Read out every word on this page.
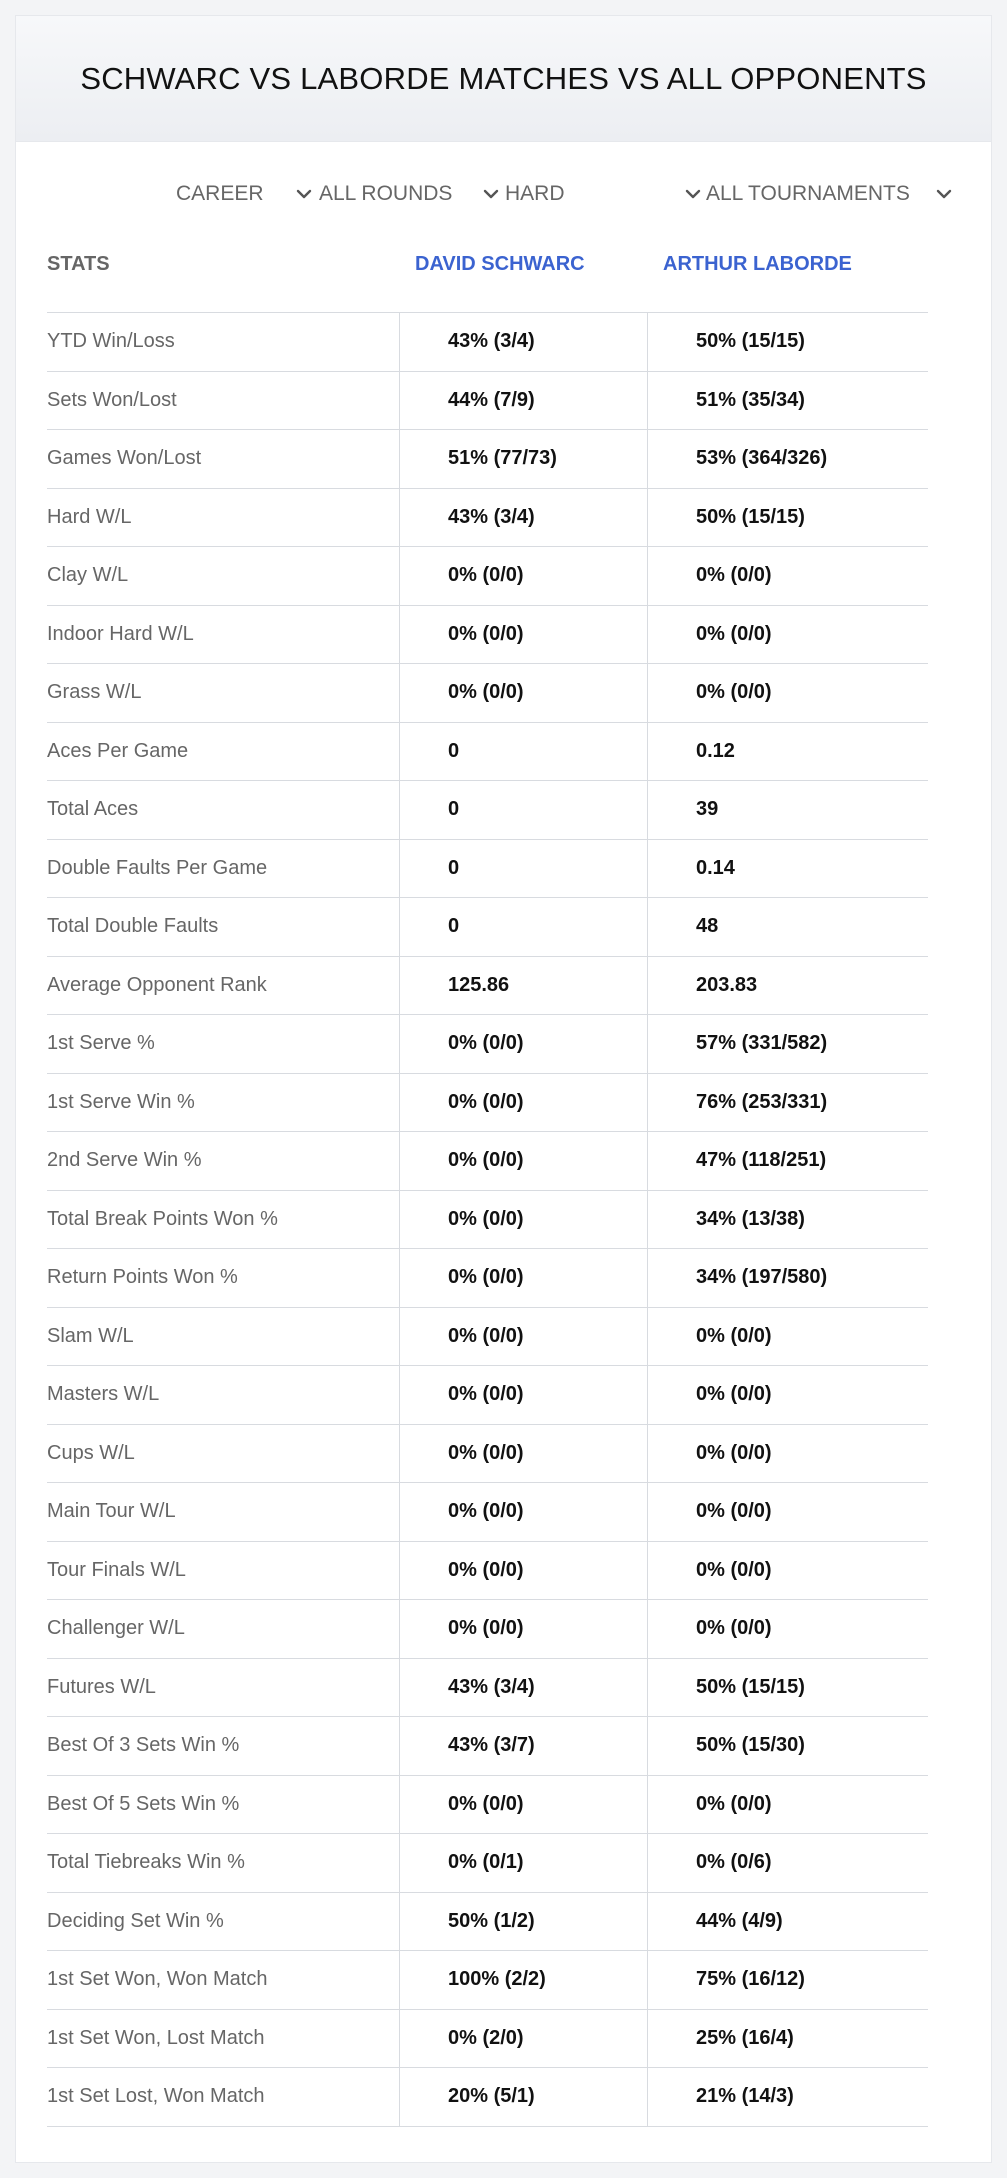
SCHWARC VS LABORDE MATCHES VS ALL OPPONENTS
CAREER	ALL ROUNDS	HARD	ALL TOURNAMENTS
STATS	DAVID SCHWARC	ARTHUR LABORDE
YTD Win/Loss	43% (3/4)	50% (15/15)
Sets Won/Lost	44% (7/9)	51% (35/34)
Games Won/Lost	51% (77/73)	53% (364/326)
Hard W/L	43% (3/4)	50% (15/15)
Clay W/L	0% (0/0)	0% (0/0)
Indoor Hard W/L	0% (0/0)	0% (0/0)
Grass W/L	0% (0/0)	0% (0/0)
Aces Per Game	0	0.12
Total Aces	0	39
Double Faults Per Game	0	0.14
Total Double Faults	0	48
Average Opponent Rank	125.86	203.83
1st Serve %	0% (0/0)	57% (331/582)
1st Serve Win %	0% (0/0)	76% (253/331)
2nd Serve Win %	0% (0/0)	47% (118/251)
Total Break Points Won %	0% (0/0)	34% (13/38)
Return Points Won %	0% (0/0)	34% (197/580)
Slam W/L	0% (0/0)	0% (0/0)
Masters W/L	0% (0/0)	0% (0/0)
Cups W/L	0% (0/0)	0% (0/0)
Main Tour W/L	0% (0/0)	0% (0/0)
Tour Finals W/L	0% (0/0)	0% (0/0)
Challenger W/L	0% (0/0)	0% (0/0)
Futures W/L	43% (3/4)	50% (15/15)
Best Of 3 Sets Win %	43% (3/7)	50% (15/30)
Best Of 5 Sets Win %	0% (0/0)	0% (0/0)
Total Tiebreaks Win %	0% (0/1)	0% (0/6)
Deciding Set Win %	50% (1/2)	44% (4/9)
1st Set Won, Won Match	100% (2/2)	75% (16/12)
1st Set Won, Lost Match	0% (2/0)	25% (16/4)
1st Set Lost, Won Match	20% (5/1)	21% (14/3)
